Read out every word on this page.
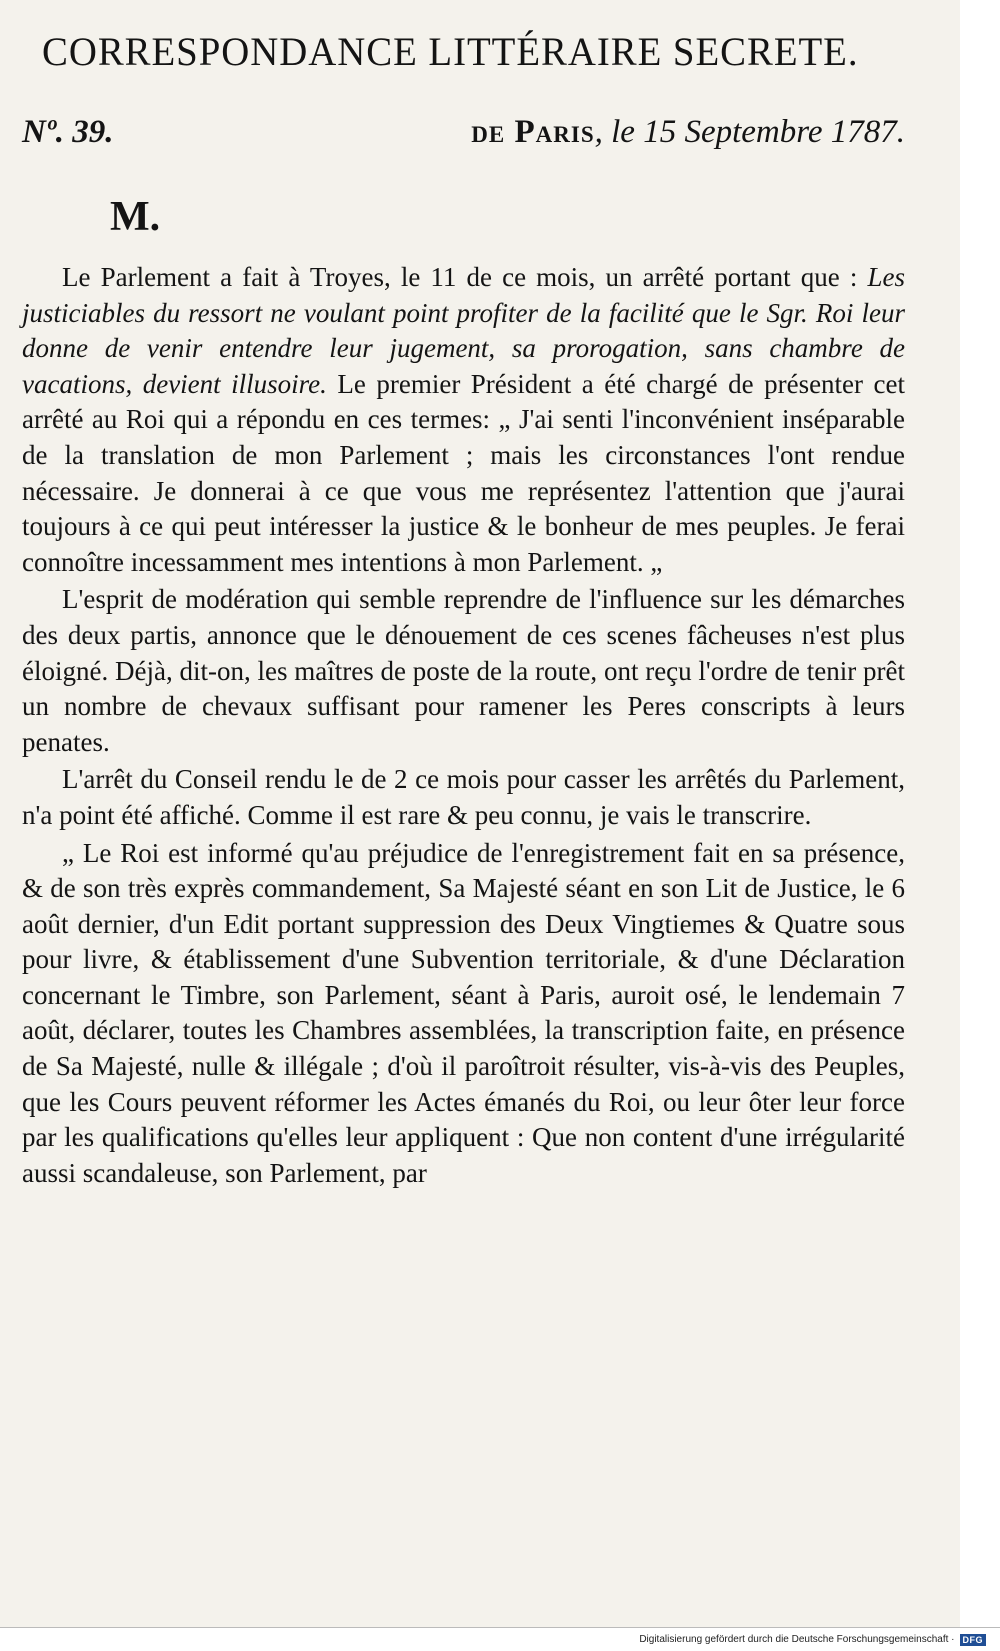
CORRESPONDANCE LITTÉRAIRE SECRETE.
Nº. 39.	de Paris, le 15 Septembre 1787.
M.

Le Parlement a fait à Troyes, le 11 de ce mois, un arrêté portant que : Les justiciables du ressort ne voulant point profiter de la facilité que le Sgr. Roi leur donne de venir entendre leur jugement, sa prorogation, sans chambre de vacations, devient illusoire. Le premier Président a été chargé de présenter cet arrêté au Roi qui a répondu en ces termes: „ J'ai senti l'inconvénient inséparable de la translation de mon Parlement ; mais les circonstances l'ont rendue nécessaire. Je donnerai à ce que vous me représentez l'attention que j'aurai toujours à ce qui peut intéresser la justice & le bonheur de mes peuples. Je ferai connoître incessamment mes intentions à mon Parlement. „

L'esprit de modération qui semble reprendre de l'influence sur les démarches des deux partis, annonce que le dénouement de ces scenes fâcheuses n'est plus éloigné. Déjà, dit-on, les maîtres de poste de la route, ont reçu l'ordre de tenir prêt un nombre de chevaux suffisant pour ramener les Peres conscripts à leurs penates.

L'arrêt du Conseil rendu le de 2 ce mois pour casser les arrêtés du Parlement, n'a point été affiché. Comme il est rare & peu connu, je vais le transcrire.

„ Le Roi est informé qu'au préjudice de l'enregistrement fait en sa présence, & de son très exprès commandement, Sa Majesté séant en son Lit de Justice, le 6 août dernier, d'un Edit portant suppression des Deux Vingtiemes & Quatre sous pour livre, & établissement d'une Subvention territoriale, & d'une Déclaration concernant le Timbre, son Parlement, séant à Paris, auroit osé, le lendemain 7 août, déclarer, toutes les Chambres assemblées, la transcription faite, en présence de Sa Majesté, nulle & illégale ; d'où il paroîtroit résulter, vis-à-vis des Peuples, que les Cours peuvent réformer les Actes émanés du Roi, ou leur ôter leur force par les qualifications qu'elles leur appliquent : Que non content d'une irrégularité aussi scandaleuse, son Parlement, par

Digitalisierung gefördert durch die Deutsche Forschungsgemeinschaft · DFG
